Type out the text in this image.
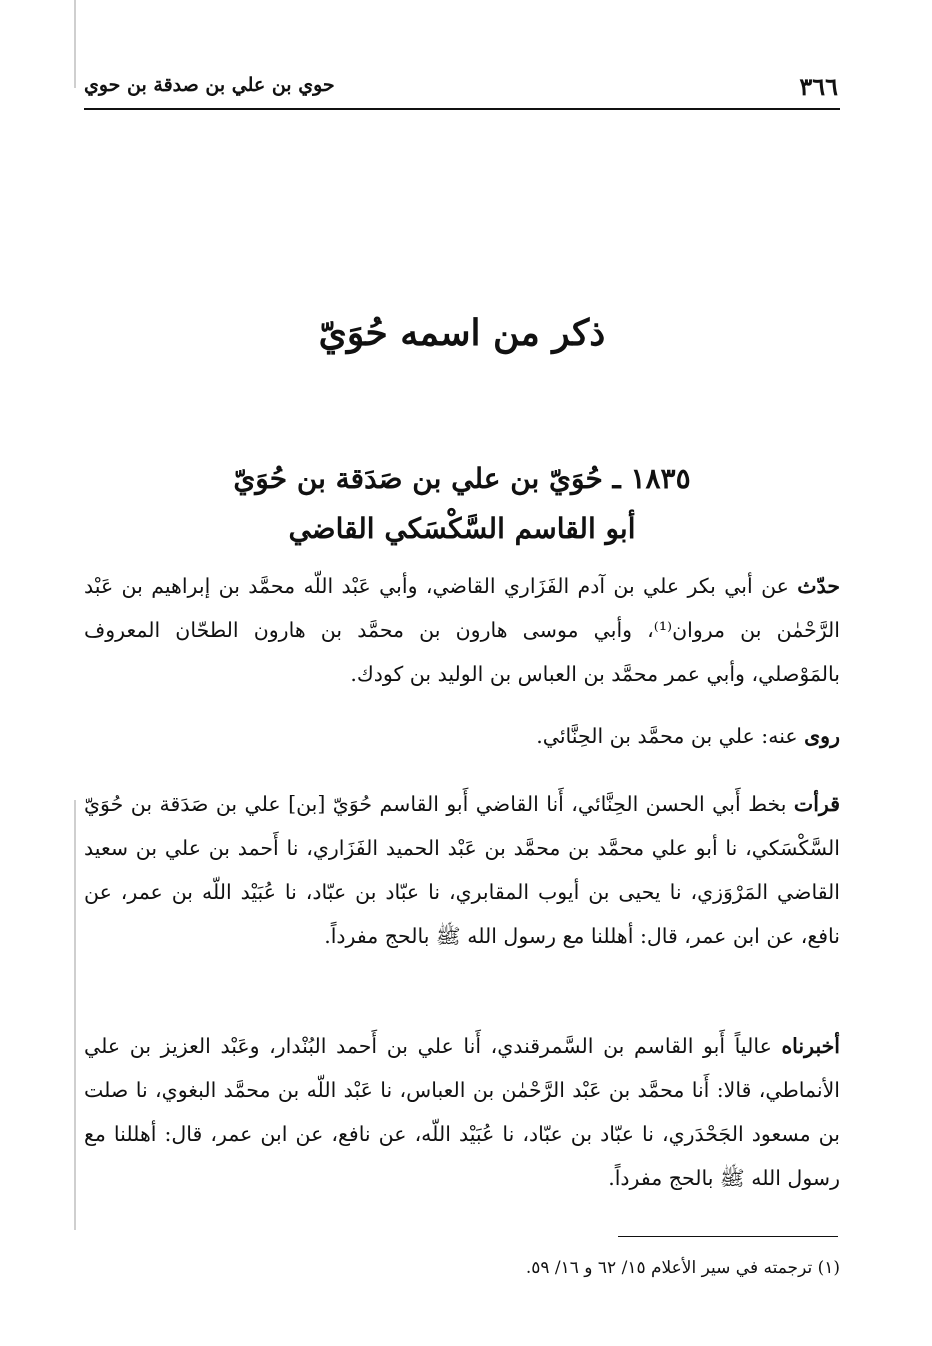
٣٦٦
حوي بن علي بن صدقة بن حوي
ذكر من اسمه حُوَيّ
١٨٣٥ ـ حُوَيّ بن علي بن صَدَقة بن حُوَيّ
أبو القاسم السَّكْسَكي القاضي
حدّث عن أبي بكر علي بن آدم الفَزَاري القاضي، وأبي عَبْد اللّه محمَّد بن إبراهيم بن عَبْد الرَّحْمٰن بن مروان⁽¹⁾، وأبي موسى هارون بن محمَّد بن هارون الطحّان المعروف بالمَوْصلي، وأبي عمر محمَّد بن العباس بن الوليد بن كودك.
روى عنه: علي بن محمَّد بن الحِنَّائي.
قرأت بخط أَبي الحسن الحِنَّائي، أَنا القاضي أَبو القاسم حُوَيّ [بن] علي بن صَدَقة بن حُوَيّ السَّكْسَكي، نا أبو علي محمَّد بن محمَّد بن عَبْد الحميد الفَزَاري، نا أَحمد بن علي بن سعيد القاضي المَرْوَزي، نا يحيى بن أيوب المقابري، نا عبّاد بن عبّاد، نا عُبَيْد اللّه بن عمر، عن نافع، عن ابن عمر، قال: أهللنا مع رسول الله ﷺ بالحج مفرداً.
أخبرناه عالياً أَبو القاسم بن السَّمرقندي، أَنا علي بن أَحمد البُنْدار، وعَبْد العزيز بن علي الأنماطي، قالا: أَنا محمَّد بن عَبْد الرَّحْمٰن بن العباس، نا عَبْد اللّه بن محمَّد البغوي، نا صلت بن مسعود الجَحْدَري، نا عبّاد بن عبّاد، نا عُبَيْد اللّه، عن نافع، عن ابن عمر، قال: أهللنا مع رسول الله ﷺ بالحج مفرداً.
(١) ترجمته في سير الأعلام ١٥/ ٦٢ و ١٦/ ٥٩.
